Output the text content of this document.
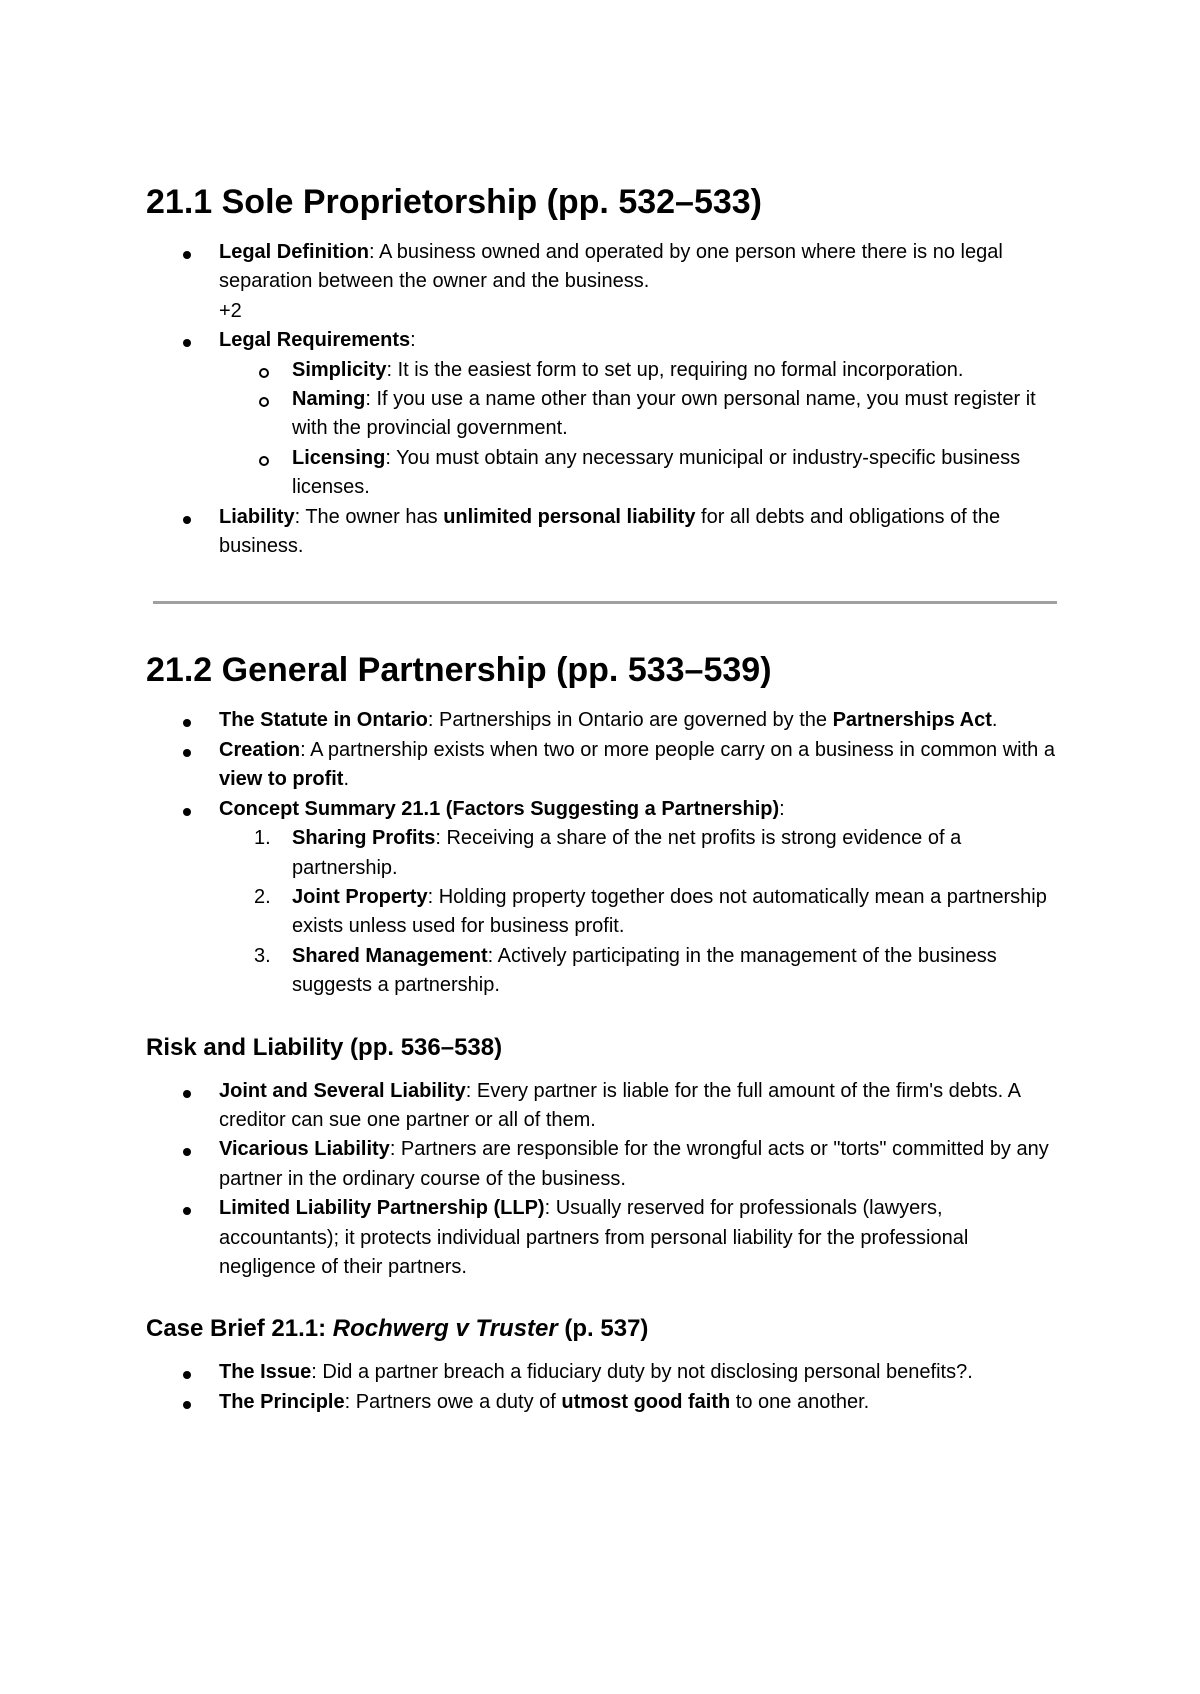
21.1 Sole Proprietorship (pp. 532–533)
Legal Definition: A business owned and operated by one person where there is no legal separation between the owner and the business.
+2
Legal Requirements:
Simplicity: It is the easiest form to set up, requiring no formal incorporation.
Naming: If you use a name other than your own personal name, you must register it with the provincial government.
Licensing: You must obtain any necessary municipal or industry-specific business licenses.
Liability: The owner has unlimited personal liability for all debts and obligations of the business.
21.2 General Partnership (pp. 533–539)
The Statute in Ontario: Partnerships in Ontario are governed by the Partnerships Act.
Creation: A partnership exists when two or more people carry on a business in common with a view to profit.
Concept Summary 21.1 (Factors Suggesting a Partnership):
1. Sharing Profits: Receiving a share of the net profits is strong evidence of a partnership.
2. Joint Property: Holding property together does not automatically mean a partnership exists unless used for business profit.
3. Shared Management: Actively participating in the management of the business suggests a partnership.
Risk and Liability (pp. 536–538)
Joint and Several Liability: Every partner is liable for the full amount of the firm's debts. A creditor can sue one partner or all of them.
Vicarious Liability: Partners are responsible for the wrongful acts or "torts" committed by any partner in the ordinary course of the business.
Limited Liability Partnership (LLP): Usually reserved for professionals (lawyers, accountants); it protects individual partners from personal liability for the professional negligence of their partners.
Case Brief 21.1: Rochwerg v Truster (p. 537)
The Issue: Did a partner breach a fiduciary duty by not disclosing personal benefits?.
The Principle: Partners owe a duty of utmost good faith to one another.
